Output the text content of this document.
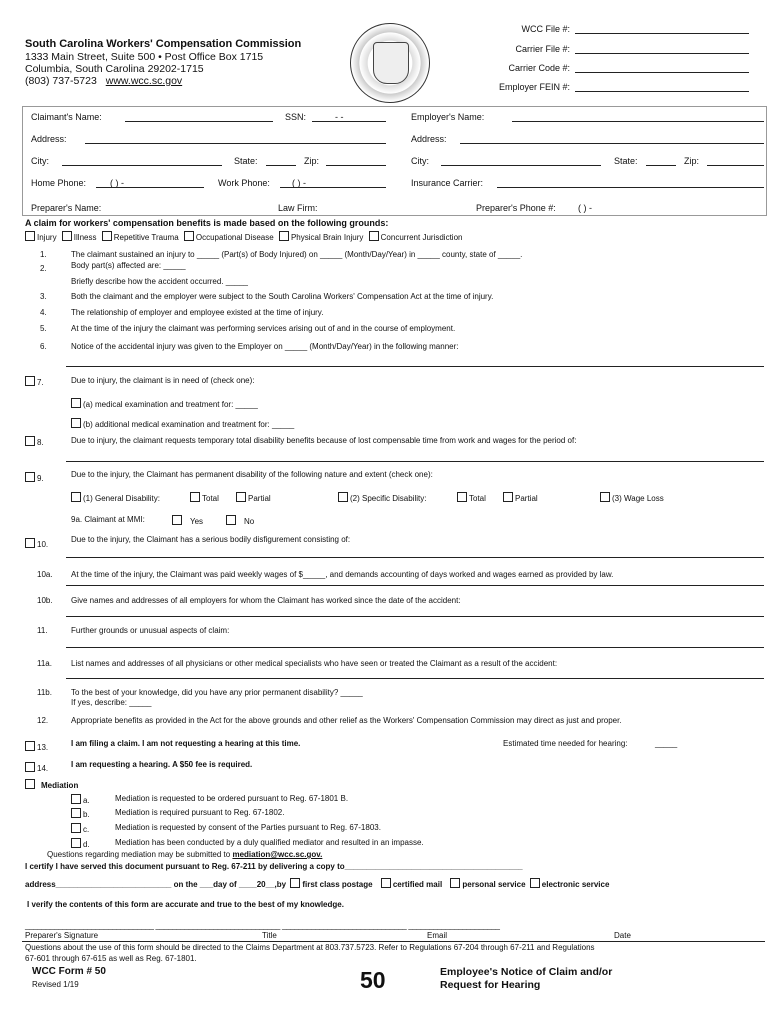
South Carolina Workers' Compensation Commission
1333 Main Street, Suite 500 • Post Office Box 1715
Columbia, South Carolina 29202-1715
(803) 737-5723 www.wcc.sc.gov
WCC File #:
Carrier File #:
Carrier Code #:
Employer FEIN #:
Claimant's Name:	SSN:	- -	Employer's Name:
Address:	Address:
City:	State:	Zip:	City:	State:	Zip:
Home Phone:	( ) -	Work Phone: ( ) -	Insurance Carrier:
Preparer's Name:	Law Firm:	Preparer's Phone #: ( ) -
A claim for workers' compensation benefits is made based on the following grounds:
Injury Illness Repetitive Trauma Occupational Disease Physical Brain Injury Concurrent Jurisdiction
1.	The claimant sustained an injury to _____ (Part(s) of Body Injured) on _____ (Month/Day/Year) in _____ county, state of _____.
2.	Body part(s) affected are: _____
Briefly describe how the accident occurred. _____
3.	Both the claimant and the employer were subject to the South Carolina Workers' Compensation Act at the time of injury.
4.	The relationship of employer and employee existed at the time of injury.
5.	At the time of the injury the claimant was performing services arising out of and in the course of employment.
6.	Notice of the accidental injury was given to the Employer on _____ (Month/Day/Year) in the following manner:
7.	Due to injury, the claimant is in need of (check one):
(a) medical examination and treatment for: _____
(b) additional medical examination and treatment for: _____
8.	Due to injury, the claimant requests temporary total disability benefits because of lost compensable time from work and wages for the period of:
9.	Due to the injury, the Claimant has permanent disability of the following nature and extent (check one):
(1) General Disability:	Total	Partial	(2) Specific Disability:	Total	Partial	(3) Wage Loss
9a. Claimant at MMI:	Yes	No
10.
Due to the injury, the Claimant has a serious bodily disfigurement consisting of:
10a. At the time of the injury, the Claimant was paid weekly wages of $_____, and demands accounting of days worked and wages earned as provided by law.
10b. Give names and addresses of all employers for whom the Claimant has worked since the date of the accident:
11.	Further grounds or unusual aspects of claim:
11a. List names and addresses of all physicians or other medical specialists who have seen or treated the Claimant as a result of the accident:
11b. To the best of your knowledge, did you have any prior permanent disability? _____
If yes, describe: _____
12.	Appropriate benefits as provided in the Act for the above grounds and other relief as the Workers' Compensation Commission may direct as just and proper.
13.	I am filing a claim. I am not requesting a hearing at this time.	Estimated time needed for hearing:	_____
14.	I am requesting a hearing. A $50 fee is required.
Mediation
a.	Mediation is requested to be ordered pursuant to Reg. 67-1801 B.
b.	Mediation is required pursuant to Reg. 67-1802.
c.	Mediation is requested by consent of the Parties pursuant to Reg. 67-1803.
d.	Mediation has been conducted by a duly qualified mediator and resulted in an impasse.
Questions regarding mediation may be submitted to mediation@wcc.sc.gov.
I certify I have served this document pursuant to Reg. 67-211 by delivering a copy to________________________________________
address__________________________ on the ___day of ____20__,by first class postage	certified mail	personal service electronic service
I verify the contents of this form are accurate and true to the best of my knowledge.
_______________________________ ______________________________ ______________________________ ______________________
Preparer's Signature	Title	Email	Date
Questions about the use of this form should be directed to the Claims Department at 803.737.5723. Refer to Regulations 67-204 through 67-211 and Regulations
67-601 through 67-615 as well as Reg. 67-1801.
WCC Form # 50
Revised 1/19	50	Employee's Notice of Claim and/or
Request for Hearing
